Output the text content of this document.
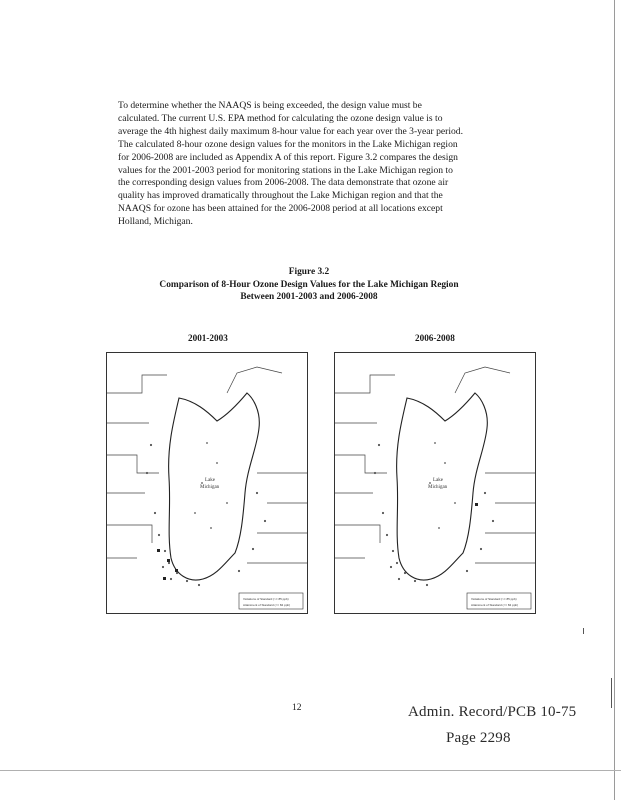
To determine whether the NAAQS is being exceeded, the design value must be
calculated. The current U.S. EPA method for calculating the ozone design value is to
average the 4th highest daily maximum 8-hour value for each year over the 3-year period.
The calculated 8-hour ozone design values for the monitors in the Lake Michigan region
for 2006-2008 are included as Appendix A of this report. Figure 3.2 compares the design
values for the 2001-2003 period for monitoring stations in the Lake Michigan region to
the corresponding design values from 2006-2008. The data demonstrate that ozone air
quality has improved dramatically throughout the Lake Michigan region and that the
NAAQS for ozone has been attained for the 2006-2008 period at all locations except
Holland, Michigan.
Figure 3.2
Comparison of 8-Hour Ozone Design Values for the Lake Michigan Region
Between 2001-2003 and 2006-2008
2001-2003	2006-2008
Lake
Michigan
Violations of Standard (>= 85 ppb)
Attainment of Standard (<= 84 ppb)
Lake
Michigan
Violations of Standard (>= 85 ppb)
Attainment of Standard (<= 84 ppb)
12	Admin. Record/PCB 10-75
Page 2298
